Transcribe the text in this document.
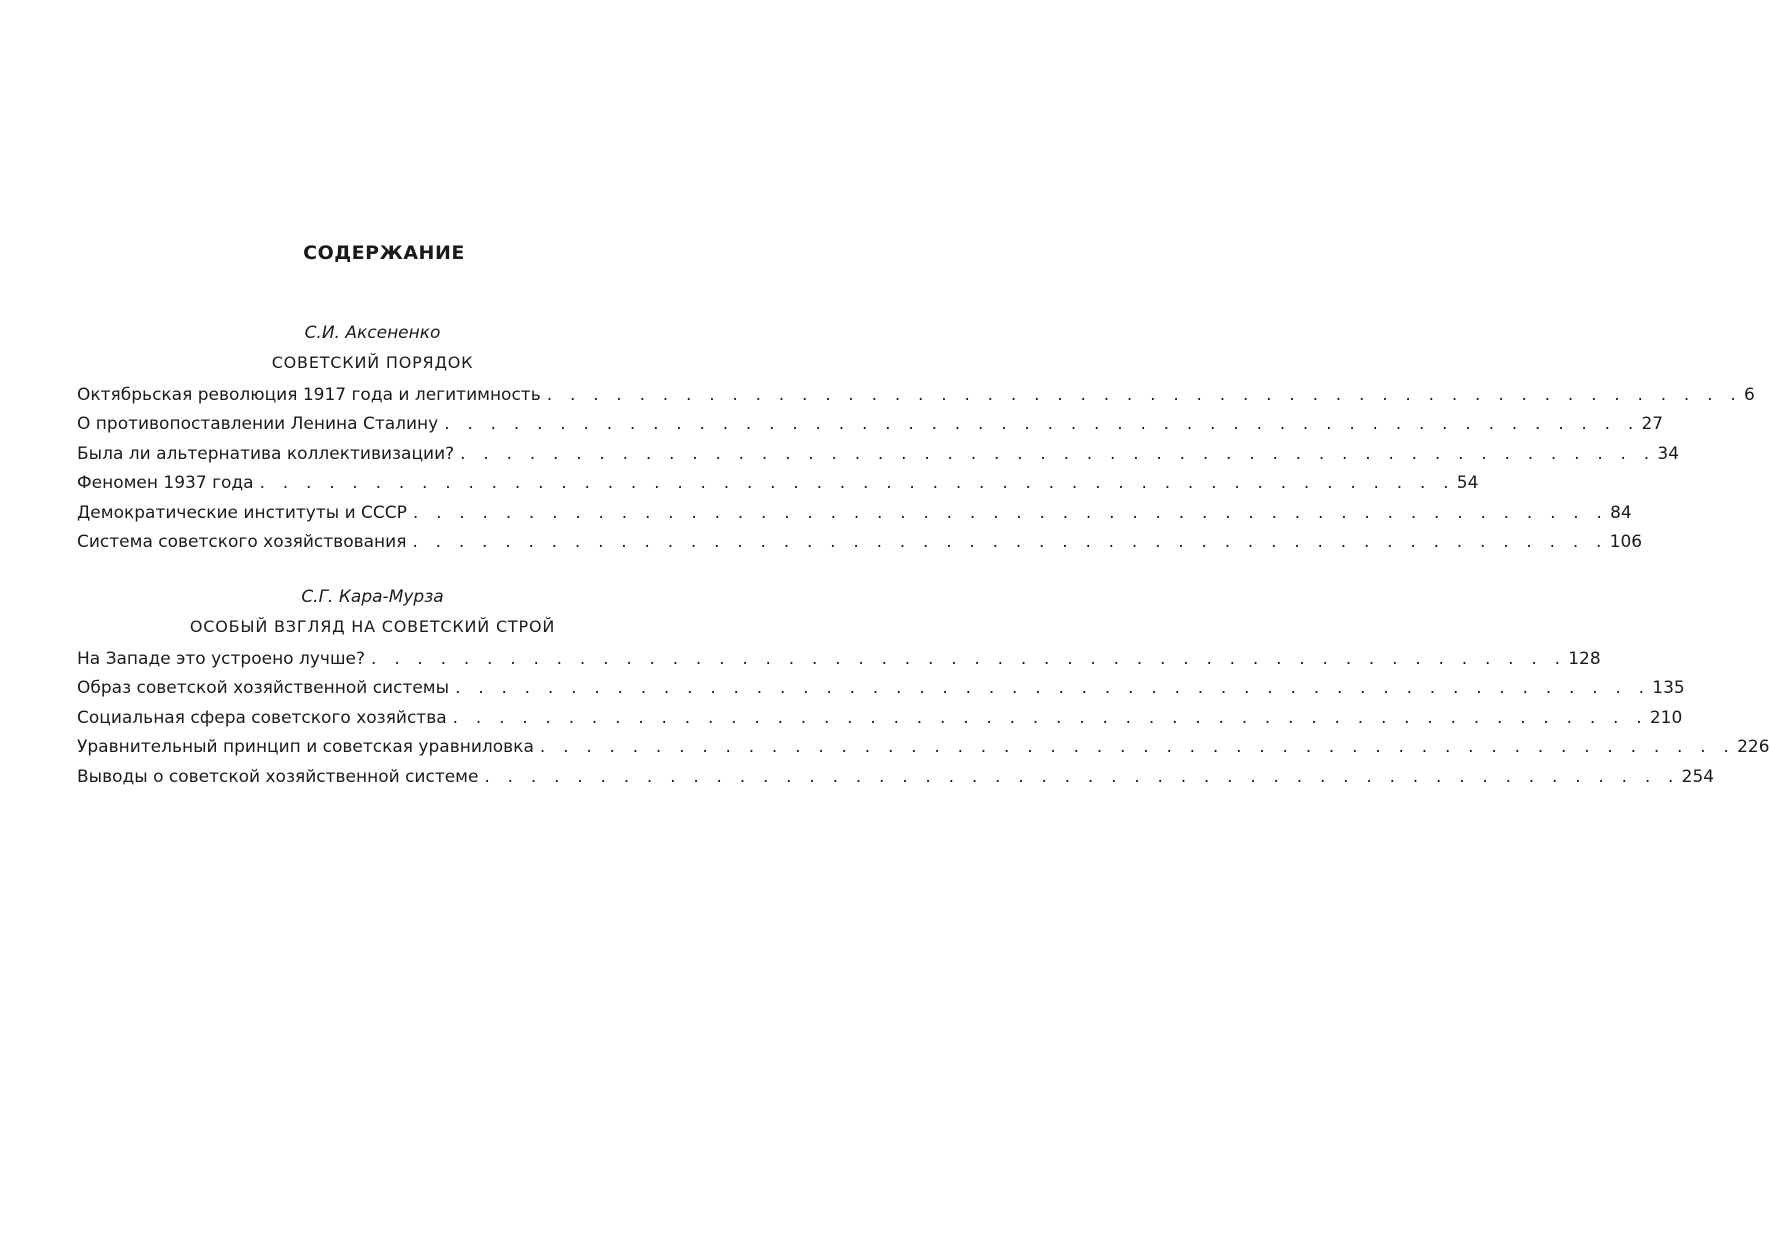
СОДЕРЖАНИЕ
С.И. Аксененко
СОВЕТСКИЙ ПОРЯДОК
Октябрьская революция 1917 года и легитимность . . . . . . . . . . . . . . . . . . . . . . . . . . . . . . . . . . . . . . . . . . . . . . . . . . . . 6
О противопоставлении Ленина Сталину . . . . . . . . . . . . . . . . . . . . . . . . . . . . . . . . . . . . . . . . . . . . . . . . . . . . 27
Была ли альтернатива коллективизации? . . . . . . . . . . . . . . . . . . . . . . . . . . . . . . . . . . . . . . . . . . . . . . . . . . . . 34
Феномен 1937 года . . . . . . . . . . . . . . . . . . . . . . . . . . . . . . . . . . . . . . . . . . . . . . . . . . . . 54
Демократические институты и СССР . . . . . . . . . . . . . . . . . . . . . . . . . . . . . . . . . . . . . . . . . . . . . . . . . . . . 84
Система советского хозяйствования . . . . . . . . . . . . . . . . . . . . . . . . . . . . . . . . . . . . . . . . . . . . . . . . . . . . 106
С.Г. Кара-Мурза
ОСОБЫЙ ВЗГЛЯД НА СОВЕТСКИЙ СТРОЙ
На Западе это устроено лучше? . . . . . . . . . . . . . . . . . . . . . . . . . . . . . . . . . . . . . . . . . . . . . . . . . . . . 128
Образ советской хозяйственной системы . . . . . . . . . . . . . . . . . . . . . . . . . . . . . . . . . . . . . . . . . . . . . . . . . . . . 135
Социальная сфера советского хозяйства . . . . . . . . . . . . . . . . . . . . . . . . . . . . . . . . . . . . . . . . . . . . . . . . . . . . 210
Уравнительный принцип и советская уравниловка . . . . . . . . . . . . . . . . . . . . . . . . . . . . . . . . . . . . . . . . . . . . . . . . . . . . 226
Выводы о советской хозяйственной системе . . . . . . . . . . . . . . . . . . . . . . . . . . . . . . . . . . . . . . . . . . . . . . . . . . . . 254
